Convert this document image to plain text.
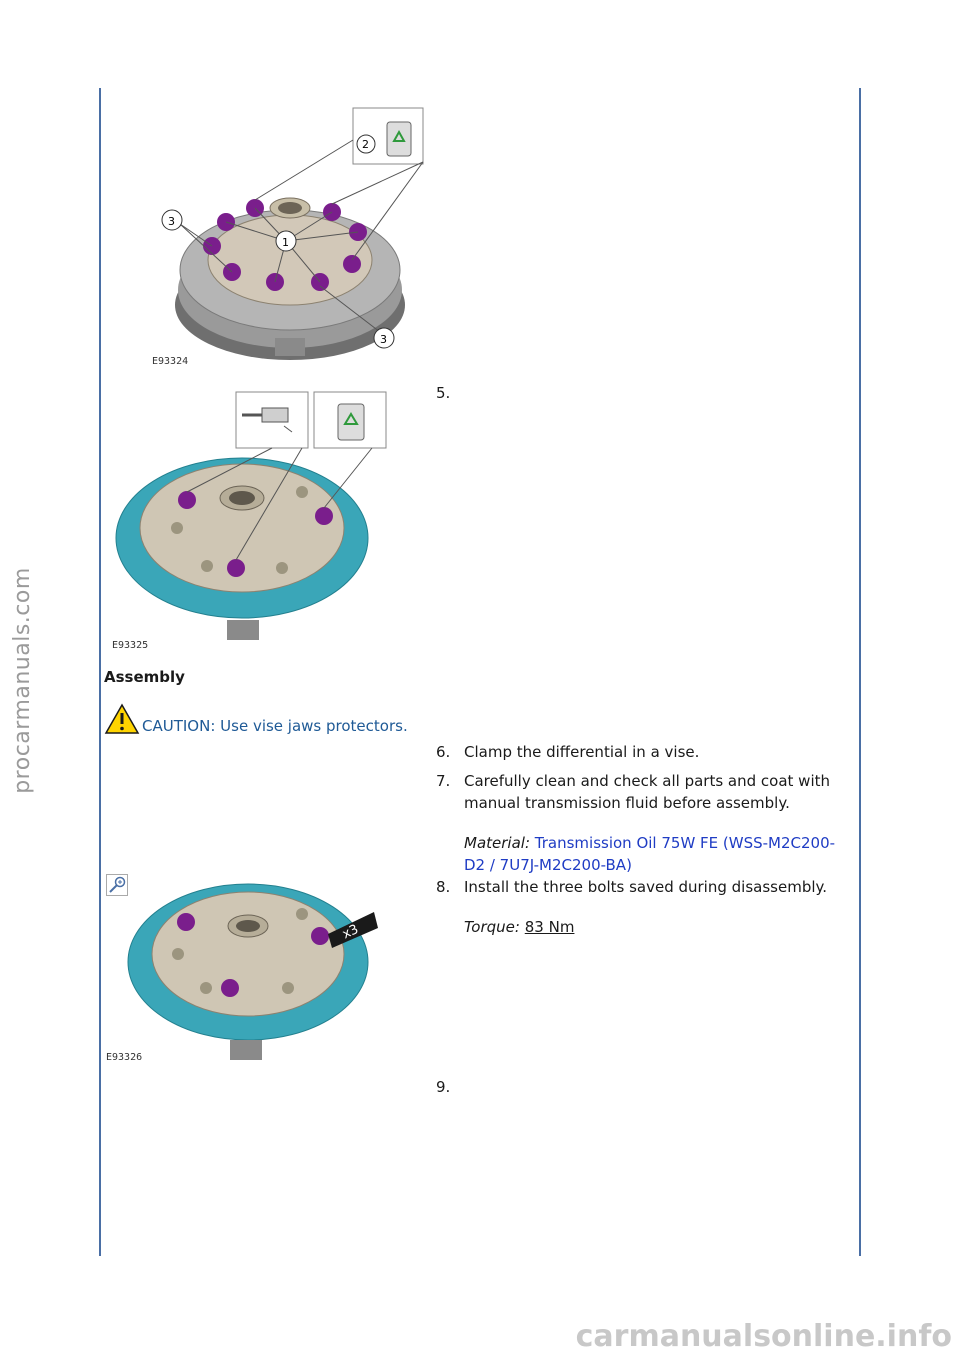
procarmanuals.com
2
1
3
3
E93324
5.
E93325
Assembly
CAUTION: Use vise jaws protectors.
6. Clamp the differential in a vise.
7. Carefully clean and check all parts and coat with manual transmission fluid before assembly.
Material: Transmission Oil 75W FE (WSS-M2C200-D2 / 7U7J-M2C200-BA)
x3
E93326
8. Install the three bolts saved during disassembly.
Torque: 83 Nm
9.
carmanualsonline.info
